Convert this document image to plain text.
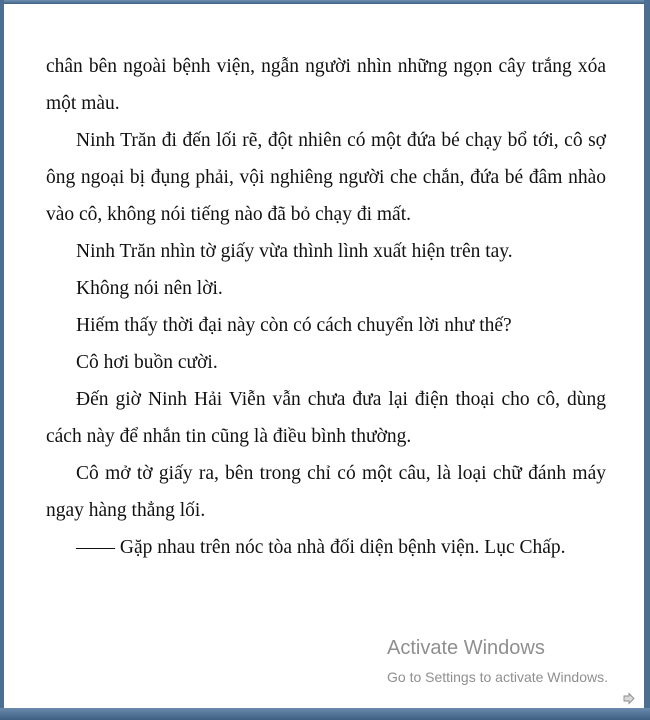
chân bên ngoài bệnh viện, ngẫn người nhìn những ngọn cây trắng xóa một màu.

Ninh Trăn đi đến lối rẽ, đột nhiên có một đứa bé chạy bổ tới, cô sợ ông ngoại bị đụng phải, vội nghiêng người che chắn, đứa bé đâm nhào vào cô, không nói tiếng nào đã bỏ chạy đi mất.

Ninh Trăn nhìn tờ giấy vừa thình lình xuất hiện trên tay.

Không nói nên lời.

Hiếm thấy thời đại này còn có cách chuyển lời như thế?

Cô hơi buồn cười.

Đến giờ Ninh Hải Viễn vẫn chưa đưa lại điện thoại cho cô, dùng cách này để nhắn tin cũng là điều bình thường.

Cô mở tờ giấy ra, bên trong chỉ có một câu, là loại chữ đánh máy ngay hàng thẳng lối.

—— Gặp nhau trên nóc tòa nhà đối diện bệnh viện. Lục Chấp.

Activate Windows
Go to Settings to activate Windows.
